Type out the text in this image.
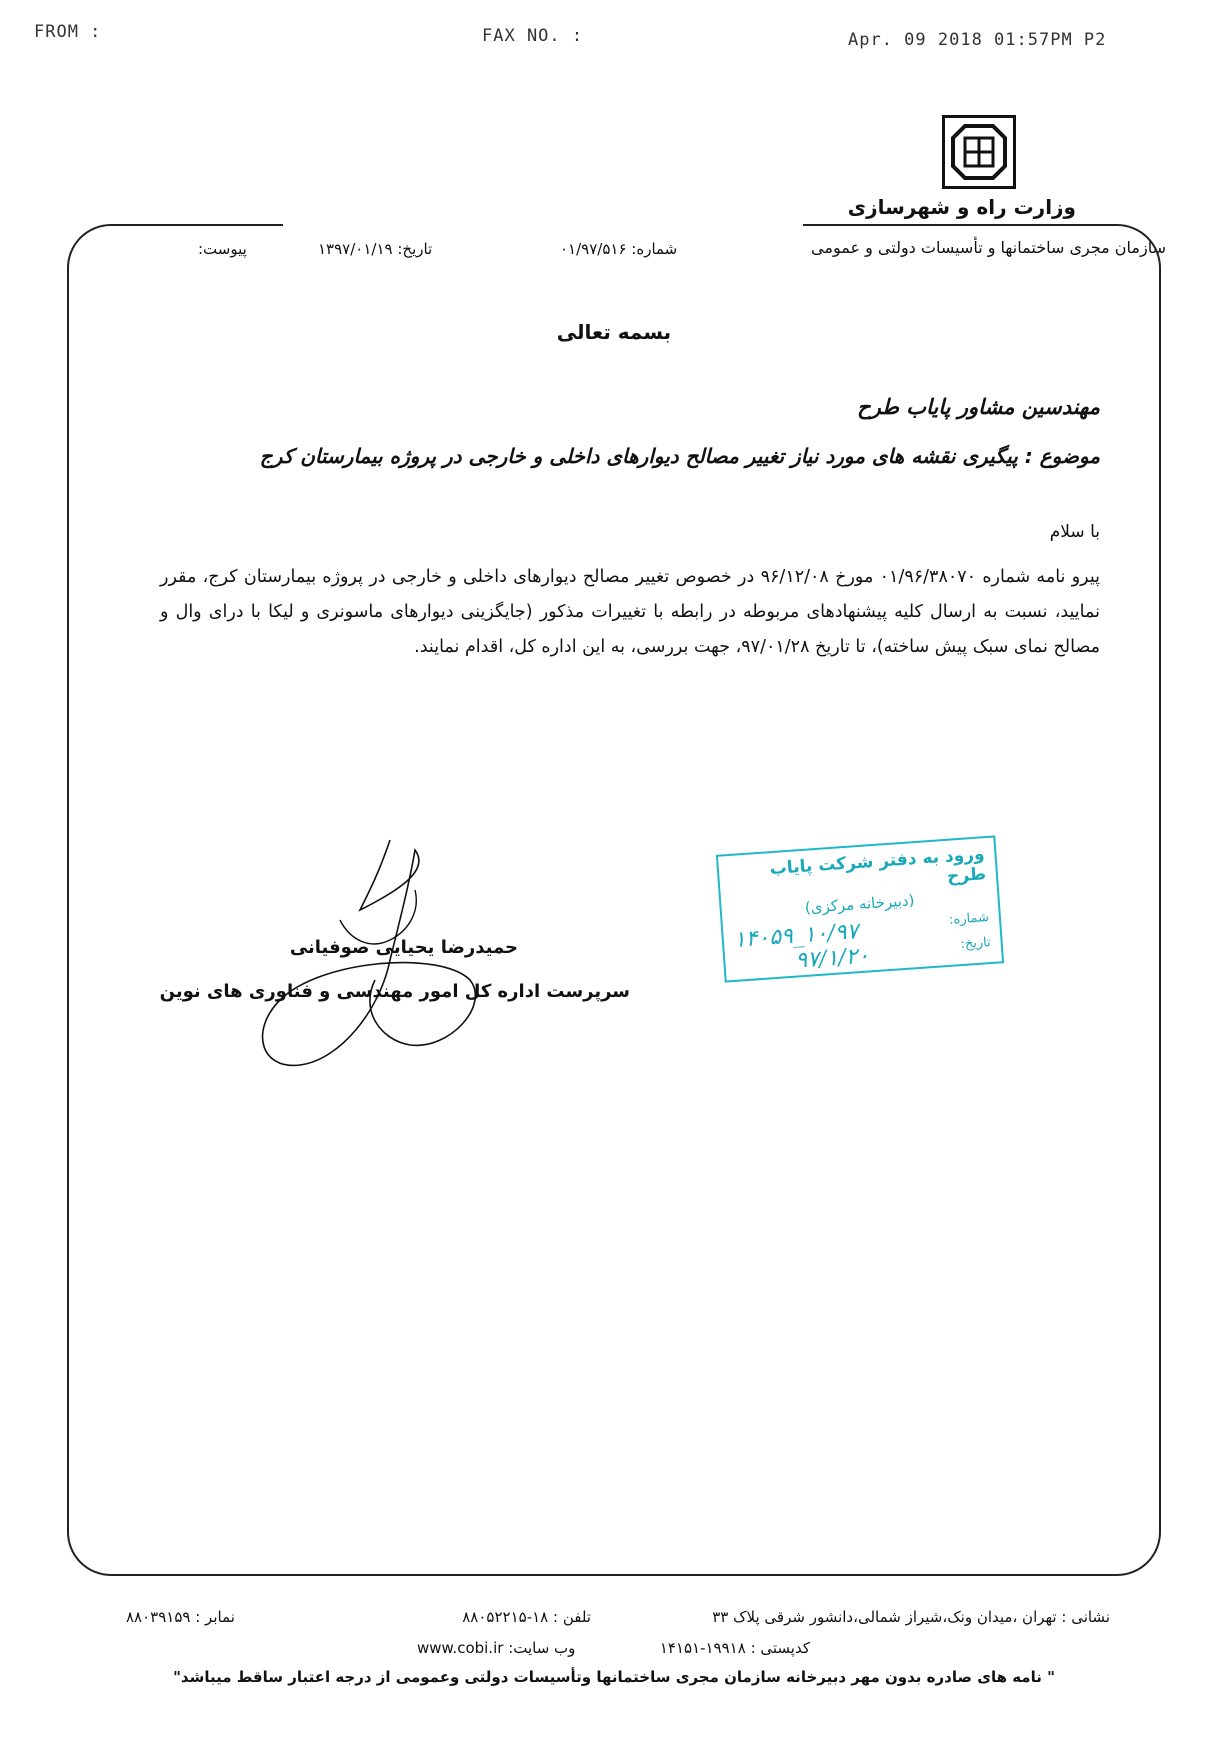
FROM :	FAX NO. :	Apr. 09 2018 01:57PM P2
وزارت راه و شهرسازی
سازمان مجری ساختمانها و تأسیسات دولتی و عمومی
شماره: ۰۱/۹۷/۵۱۶
تاریخ: ۱۳۹۷/۰۱/۱۹
پیوست:
بسمه تعالی
مهندسین مشاور پایاب طرح
موضوع : پیگیری نقشه های مورد نیاز تغییر مصالح دیوارهای داخلی و خارجی در پروژه بیمارستان کرج
با سلام
پیرو نامه شماره ۰۱/۹۶/۳۸۰۷۰ مورخ ۹۶/۱۲/۰۸ در خصوص تغییر مصالح دیوارهای داخلی و خارجی در پروژه بیمارستان کرج، مقرر نمایید، نسبت به ارسال کلیه پیشنهادهای مربوطه در رابطه با تغییرات مذکور (جایگزینی دیوارهای ماسونری و لیکا با درای وال و مصالح نمای سبک پیش ساخته)، تا تاریخ ۹۷/۰۱/۲۸، جهت بررسی، به این اداره کل، اقدام نمایند.
ورود به دفتر شرکت پایاب طرح
(دبیرخانه مرکزی)
شماره:
۱۰/۹۷_۱۴۰۵۹	تاریخ:
۹۷/۱/۲۰
حمیدرضا یحیایی صوفیانی
سرپرست اداره کل امور مهندسی و فناوری های نوین
نشانی : تهران ،میدان ونک،شیراز شمالی،دانشور شرقی پلاک ۳۳
تلفن : ۱۸-۸۸۰۵۲۲۱۵
نمابر : ۸۸۰۳۹۱۵۹
کدپستی : ۱۹۹۱۸-۱۴۱۵۱
وب سایت: www.cobi.ir
" نامه های صادره بدون مهر دبیرخانه سازمان مجری ساختمانها وتأسیسات دولتی وعمومی از درجه اعتبار ساقط میباشد"
